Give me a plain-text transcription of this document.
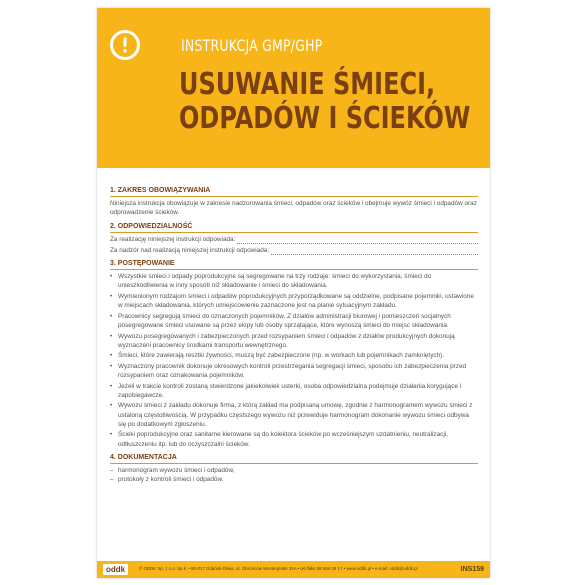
INSTRUKCJA GMP/GHP
USUWANIE ŚMIECI,
ODPADÓW I ŚCIEKÓW
1. ZAKRES OBOWIĄZYWANIA

Niniejsza instrukcja obowiązuje w zakresie nadzorowania śmieci, odpadów oraz ścieków i obejmuje wywóz śmieci i odpadów oraz odprowadzenie ścieków.

2. ODPOWIEDZIALNOŚĆ
Za realizację niniejszej instrukcji odpowiada:
Za nadzór nad realizacją niniejszej instrukcji odpowiada:
3. POSTĘPOWANIE
• Wszystkie śmieci i odpady poprodukcyjne są segregowane na trzy rodzaje: śmieci do wykorzystania, śmieci do unieszkodliwienia w inny sposób niż składowanie i śmieci do składowania.
• Wymienionym rodzajom śmieci i odpadów poprodukcyjnych przyporządkowane są oddzielne, podpisane pojemniki, ustawione w miejscach składowania, których umiejscowienie zaznaczone jest na planie sytuacyjnym zakładu.
• Pracownicy segregują śmieci do oznaczonych pojemników. Z działów administracji biurowej i pomieszczeń socjalnych posegregowane śmieci usuwane są przez ekipy lub osoby sprzątające, które wynoszą śmieci do miejsc składowania.
• Wywozu posegregowanych i zabezpieczonych przed rozsypaniem śmieci i odpadów z działów produkcyjnych dokonują wyznaczeni pracownicy środkami transportu wewnętrznego.
• Śmieci, które zawierają resztki żywności, muszą być zabezpieczone (np. w workach lub pojemnikach zamkniętych).
• Wyznaczony pracownik dokonuje okresowych kontroli przestrzegania segregacji śmieci, sposobu ich zabezpieczenia przed rozsypaniem oraz oznakowania pojemników.
• Jeżeli w trakcie kontroli zostaną stwierdzone jakiekolwiek usterki, osoba odpowiedzialna podejmuje działania korygujące i zapobiegawcze.
• Wywozu śmieci z zakładu dokonuje firma, z którą zakład ma podpisaną umowę, zgodnie z harmonogramem wywozu śmieci z ustaloną częstotliwością. W przypadku częstszego wywozu niż przewiduje harmonogram dokonanie wywozu śmieci odbywa się po dodatkowym zgłoszeniu.
• Ścieki poprodukcyjne oraz sanitarne kierowane są do kolektora ścieków po wcześniejszym uzdatnieniu, neutralizacji, odtłuszczeniu itp. lub do oczyszczalni ścieków.
4. DOKUMENTACJA
– harmonogram wywozu śmieci i odpadów,
– protokoły z kontroli śmieci i odpadów.
oddk	© ODDK Sp. z o.o. Sp.k. • 80-017 Gdańsk-Oliwa, ul. Obrońców Westerplatte 32A • tel./faks 58 554 29 17 • www.oddk.pl • e-mail: oddk@oddk.pl	INS159
